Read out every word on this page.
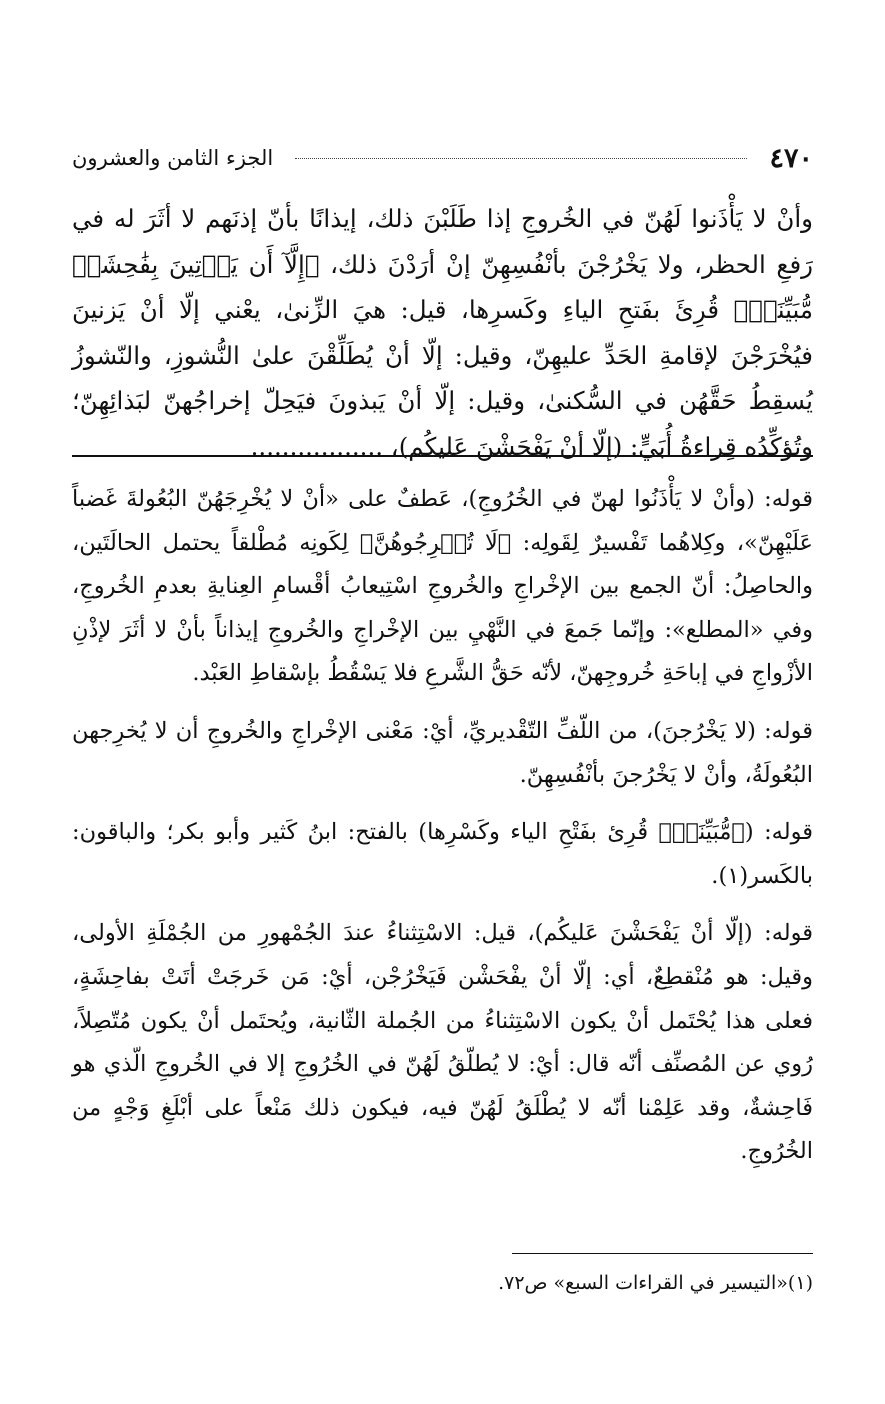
٤٧٠
الجزء الثامن والعشرون

وأنْ لا يَأْذَنوا لَهُنّ في الخُروجِ إذا طَلَبْنَ ذلك، إيذانًا بأنّ إذنَهم لا أثَرَ له في رَفعِ الحظر، ولا يَخْرُجْنَ بأنْفُسِهِنّ إنْ أرَدْنَ ذلك، ﴿إِلَّآ أَن يَأۡتِينَ بِفَٰحِشَةٖ مُّبَيِّنَةٖ﴾ قُرِئَ بفَتحِ الياءِ وكَسرِها، قيل: هيَ الزِّنىٰ، يعْني إلّا أنْ يَزنينَ فيُخْرَجْنَ لإقامةِ الحَدِّ عليهِنّ، وقيل: إلّا أنْ يُطَلِّقْنَ علىٰ النُّشوزِ، والنّشوزُ يُسقِطُ حَقَّهُن في السُّكنىٰ، وقيل: إلّا أنْ يَبذونَ فيَحِلّ إخراجُهنّ لبَذائِهِنّ؛ وتُؤكِّدُه قِراءةُ أُبَيٍّ: (إلّا أنْ يَفْحَشْنَ عَليكُم)، .................

قوله: (وأنْ لا يَأْذَنُوا لهنّ في الخُرُوجِ)، عَطفٌ على «أنْ لا يُخْرِجَهُنّ البُعُولةَ غَضباً عَلَيْهِنّ»، وكِلاهُما تَفْسيرٌ لِقَولِه: ﴿لَا تُخۡرِجُوهُنَّ﴾ لِكَونِه مُطْلقاً يحتمل الحالَتَين، والحاصِلُ: أنّ الجمع بين الإخْراجِ والخُروجِ اسْتِيعابُ أقْسامِ العِنايةِ بعدمِ الخُروجِ، وفي «المطلع»: وإنّما جَمعَ في النَّهْيِ بين الإخْراجِ والخُروجِ إيذاناً بأنْ لا أثَرَ لإذْنِ الأزْواجِ في إباحَةِ خُروجِهنّ، لأنّه حَقُّ الشَّرعِ فلا يَسْقُطُ بإسْقاطِ العَبْد.

قوله: (لا يَخْرُجنَ)، من اللّفِّ التّقْديريِّ، أيْ: مَعْنى الإخْراجِ والخُروجِ أن لا يُخرِجهن البُعُولَةُ، وأنْ لا يَخْرُجنَ بأنْفُسِهِنّ.

قوله: (﴿مُّبَيِّنَةٖ﴾ قُرِئ بفَتْحِ الياء وكَسْرِها) بالفتح: ابنُ كَثير وأبو بكر؛ والباقون: بالكَسر(١).

قوله: (إلّا أنْ يَفْحَشْنَ عَليكُم)، قيل: الاسْتِثناءُ عندَ الجُمْهورِ من الجُمْلَةِ الأولى، وقيل: هو مُنْقطِعٌ، أي: إلّا أنْ يفْحَشْن فَيَخْرُجْن، أيْ: مَن خَرجَتْ أتَتْ بفاحِشَةٍ، فعلى هذا يُحْتَمل أنْ يكون الاسْتِثناءُ من الجُملة الثّانية، ويُحتَمل أنْ يكون مُتّصِلاً، رُوي عن المُصنِّف أنّه قال: أيْ: لا يُطلّقُ لَهُنّ في الخُرُوجِ إلا في الخُروجِ الّذي هو فَاحِشةٌ، وقد عَلِمْنا أنّه لا يُطْلَقُ لَهُنّ فيه، فيكون ذلك مَنْعاً على أبْلَغِ وَجْهٍ من الخُرُوجِ.

(١)«التيسير في القراءات السبع» ص٧٢.
